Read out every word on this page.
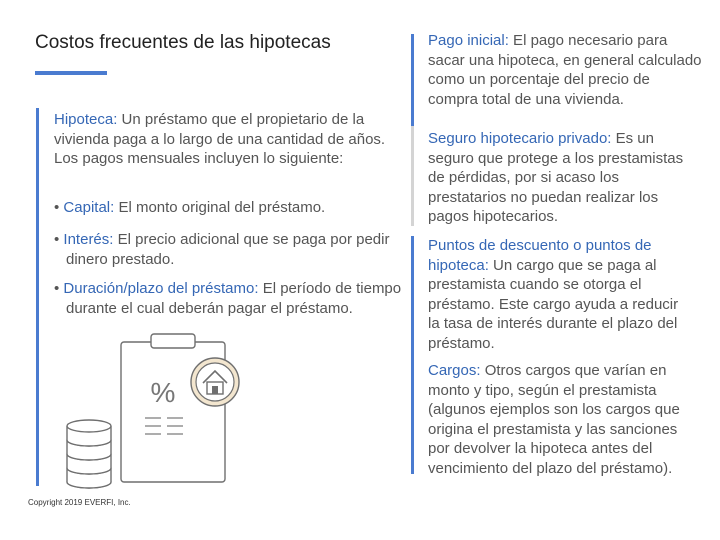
Costos frecuentes de las hipotecas

Hipoteca: Un préstamo que el propietario de la vivienda paga a lo largo de una cantidad de años. Los pagos mensuales incluyen lo siguiente:

• Capital: El monto original del préstamo.

• Interés: El precio adicional que se paga por pedir dinero prestado.

• Duración/plazo del préstamo: El período de tiempo durante el cual deberán pagar el préstamo.

%
Copyright 2019 EVERFI, Inc.

Pago inicial: El pago necesario para sacar una hipoteca, en general calculado como un porcentaje del precio de compra total de una vivienda.

Seguro hipotecario privado: Es un seguro que protege a los prestamistas de pérdidas, por si acaso los prestatarios no puedan realizar los pagos hipotecarios.

Puntos de descuento o puntos de hipoteca: Un cargo que se paga al prestamista cuando se otorga el préstamo. Este cargo ayuda a reducir la tasa de interés durante el plazo del préstamo.

Cargos: Otros cargos que varían en monto y tipo, según el prestamista (algunos ejemplos son los cargos que origina el prestamista y las sanciones por devolver la hipoteca antes del vencimiento del plazo del préstamo).
